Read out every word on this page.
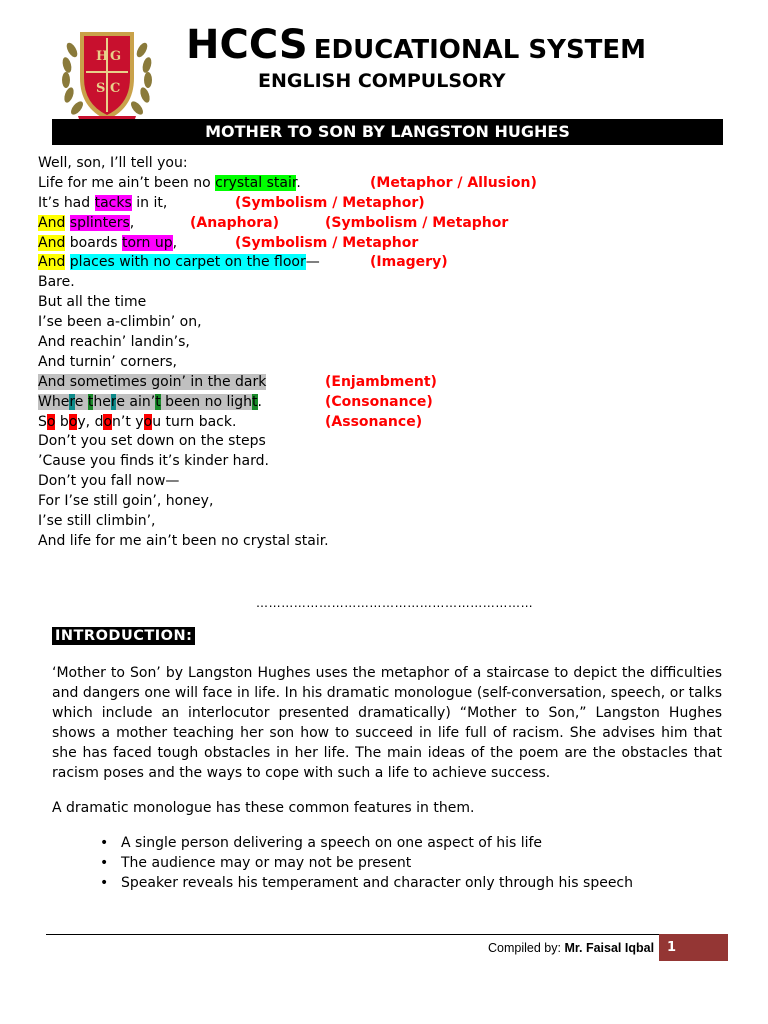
H G
S C
HCCS EDUCATIONAL SYSTEM
ENGLISH COMPULSORY
MOTHER TO SON BY LANGSTON HUGHES
Well, son, I’ll tell you:
Life for me ain’t been no crystal stair.	(Metaphor / Allusion)
It’s had tacks in it,	(Symbolism / Metaphor)
And splinters,	(Anaphora)	(Symbolism / Metaphor
And boards torn up,	(Symbolism / Metaphor
And places with no carpet on the floor—	(Imagery)
Bare.
But all the time
I’se been a-climbin’ on,
And reachin’ landin’s,
And turnin’ corners,
And sometimes goin’ in the dark	(Enjambment)
Where there ain’t been no light.	(Consonance)
So boy, don’t you turn back.	(Assonance)
Don’t you set down on the steps
’Cause you finds it’s kinder hard.
Don’t you fall now—
For I’se still goin’, honey,
I’se still climbin’,
And life for me ain’t been no crystal stair.
…………………………………………………………
INTRODUCTION:
‘Mother to Son’ by Langston Hughes uses the metaphor of a staircase to depict the difficulties and dangers one will face in life. In his dramatic monologue (self-conversation, speech, or talks which include an interlocutor presented dramatically) “Mother to Son,” Langston Hughes shows a mother teaching her son how to succeed in life full of racism. She advises him that she has faced tough obstacles in her life. The main ideas of the poem are the obstacles that racism poses and the ways to cope with such a life to achieve success.
A dramatic monologue has these common features in them.
• A single person delivering a speech on one aspect of his life
• The audience may or may not be present
• Speaker reveals his temperament and character only through his speech
Compiled by: Mr. Faisal Iqbal 1
